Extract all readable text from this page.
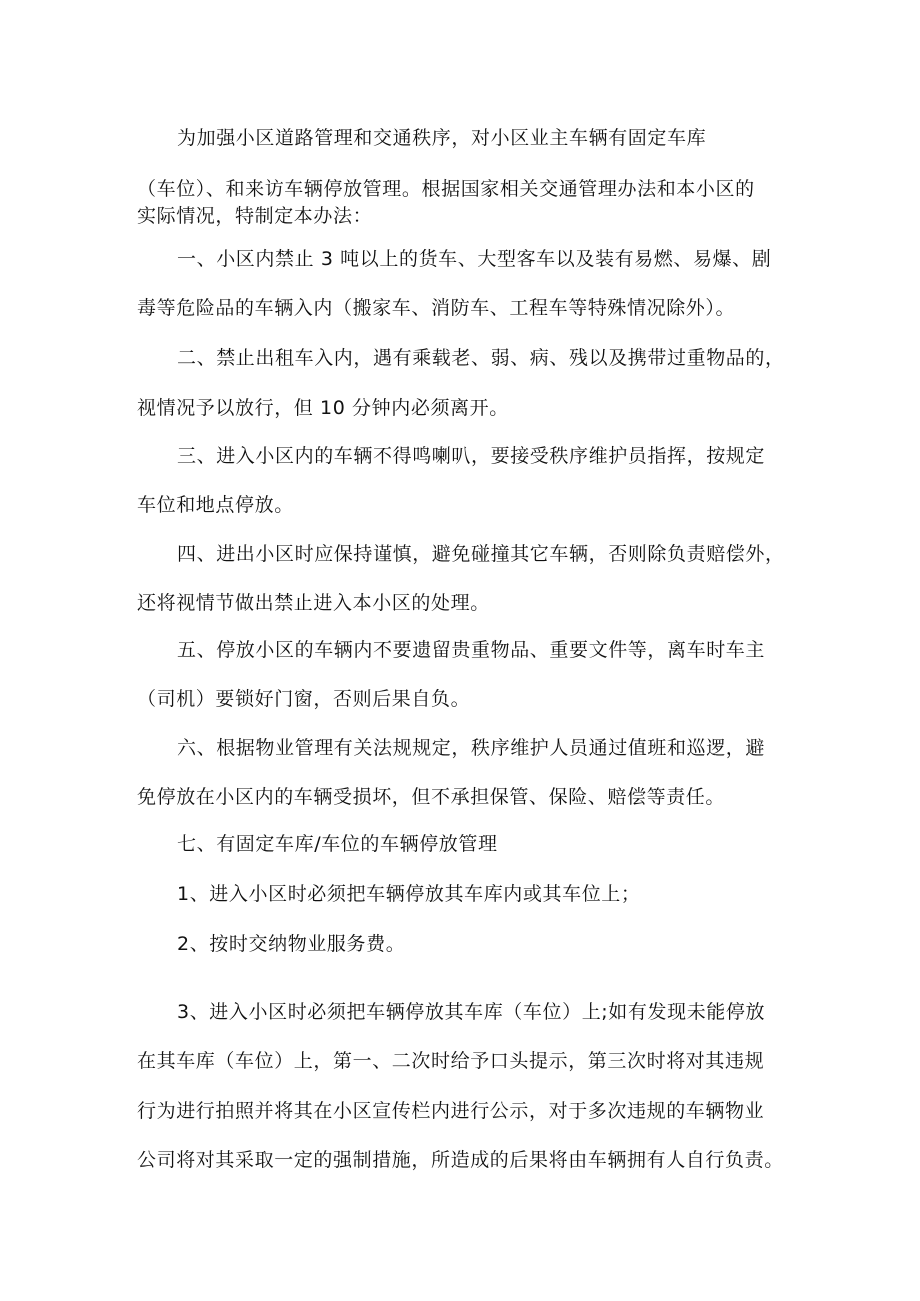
为加强小区道路管理和交通秩序，对小区业主车辆有固定车库
（车位）、和来访车辆停放管理。根据国家相关交通管理办法和本小区的
实际情况，特制定本办法：
一、小区内禁止 3 吨以上的货车、大型客车以及装有易燃、易爆、剧
毒等危险品的车辆入内（搬家车、消防车、工程车等特殊情况除外）。
二、禁止出租车入内，遇有乘载老、弱、病、残以及携带过重物品的，
视情况予以放行，但 10 分钟内必须离开。
三、进入小区内的车辆不得鸣喇叭，要接受秩序维护员指挥，按规定
车位和地点停放。
四、进出小区时应保持谨慎，避免碰撞其它车辆，否则除负责赔偿外，
还将视情节做出禁止进入本小区的处理。
五、停放小区的车辆内不要遗留贵重物品、重要文件等，离车时车主
（司机）要锁好门窗，否则后果自负。
六、根据物业管理有关法规规定，秩序维护人员通过值班和巡逻，避
免停放在小区内的车辆受损坏，但不承担保管、保险、赔偿等责任。
七、有固定车库/车位的车辆停放管理
1、进入小区时必须把车辆停放其车库内或其车位上；
2、按时交纳物业服务费。
3、进入小区时必须把车辆停放其车库（车位）上;如有发现未能停放
在其车库（车位）上，第一、二次时给予口头提示，第三次时将对其违规
行为进行拍照并将其在小区宣传栏内进行公示，对于多次违规的车辆物业
公司将对其采取一定的强制措施，所造成的后果将由车辆拥有人自行负责。
